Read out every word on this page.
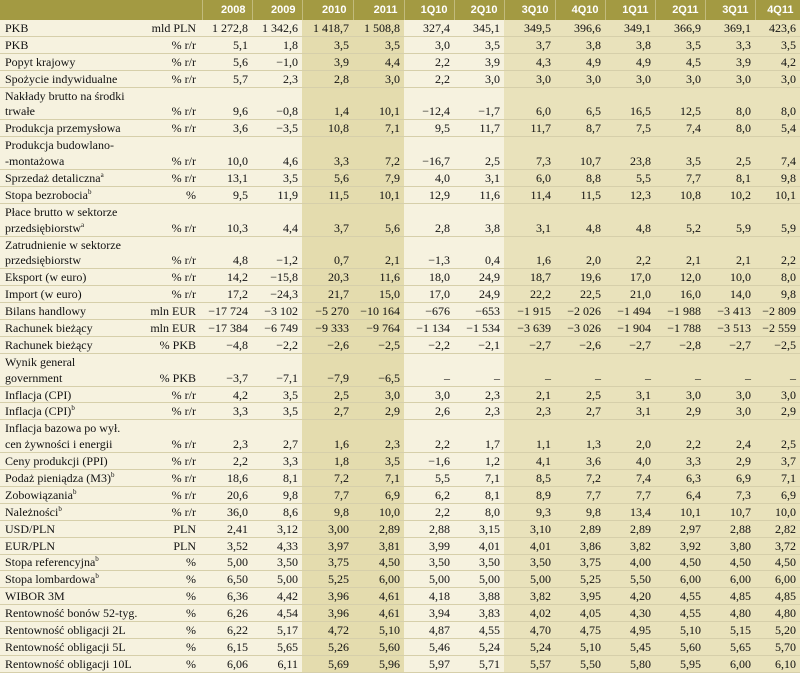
		2008	2009	2010	2011	1Q10	2Q10	3Q10	4Q10	1Q11	2Q11	3Q11	4Q11
PKB	mld PLN	1 272,8	1 342,6	1 418,7	1 508,8	327,4	345,1	349,5	396,6	349,1	366,9	369,1	423,6
PKB	% r/r	5,1	1,8	3,5	3,5	3,0	3,5	3,7	3,8	3,8	3,5	3,3	3,5
Popyt krajowy	% r/r	5,6	−1,0	3,9	4,4	2,2	3,9	4,3	4,9	4,9	4,5	3,9	4,2
Spożycie indywidualne	% r/r	5,7	2,3	2,8	3,0	2,2	3,0	3,0	3,0	3,0	3,0	3,0	3,0
Nakłady brutto na środki													
trwałe	% r/r	9,6	−0,8	1,4	10,1	−12,4	−1,7	6,0	6,5	16,5	12,5	8,0	8,0
Produkcja przemysłowa	% r/r	3,6	−3,5	10,8	7,1	9,5	11,7	11,7	8,7	7,5	7,4	8,0	5,4
Produkcja budowlano-													
-montażowa	% r/r	10,0	4,6	3,3	7,2	−16,7	2,5	7,3	10,7	23,8	3,5	2,5	7,4
Sprzedaż detaliczna$^a$	% r/r	13,1	3,5	5,6	7,9	4,0	3,1	6,0	8,8	5,5	7,7	8,1	9,8
Stopa bezrobocia$^b$	%	9,5	11,9	11,5	10,1	12,9	11,6	11,4	11,5	12,3	10,8	10,2	10,1
Płace brutto w sektorze													
przedsiębiorstw$^a$	% r/r	10,3	4,4	3,7	5,6	2,8	3,8	3,1	4,8	4,8	5,2	5,9	5,9
Zatrudnienie w sektorze													
przedsiębiorstw	% r/r	4,8	−1,2	0,7	2,1	−1,3	0,4	1,6	2,0	2,2	2,1	2,1	2,2
Eksport (w euro)	% r/r	14,2	−15,8	20,3	11,6	18,0	24,9	18,7	19,6	17,0	12,0	10,0	8,0
Import (w euro)	% r/r	17,2	−24,3	21,7	15,0	17,0	24,9	22,2	22,5	21,0	16,0	14,0	9,8
Bilans handlowy	mln EUR	−17 724	−3 102	−5 270	−10 164	−676	−653	−1 915	−2 026	−1 494	−1 988	−3 413	−2 809
Rachunek bieżący	mln EUR	−17 384	−6 749	−9 333	−9 764	−1 134	−1 534	−3 639	−3 026	−1 904	−1 788	−3 513	−2 559
Rachunek bieżący	% PKB	−4,8	−2,2	−2,6	−2,5	−2,2	−2,1	−2,7	−2,6	−2,7	−2,8	−2,7	−2,5
Wynik general													
government	% PKB	−3,7	−7,1	−7,9	−6,5	–	–	–	–	–	–	–	–
Inflacja (CPI)	% r/r	4,2	3,5	2,5	3,0	3,0	2,3	2,1	2,5	3,1	3,0	3,0	3,0
Inflacja (CPI)$^b$	% r/r	3,3	3,5	2,7	2,9	2,6	2,3	2,3	2,7	3,1	2,9	3,0	2,9
Inflacja bazowa po wył.													
cen żywności i energii	% r/r	2,3	2,7	1,6	2,3	2,2	1,7	1,1	1,3	2,0	2,2	2,4	2,5
Ceny produkcji (PPI)	% r/r	2,2	3,3	1,8	3,5	−1,6	1,2	4,1	3,6	4,0	3,3	2,9	3,7
Podaż pieniądza $(M3)^b$	% r/r	18,6	8,1	7,2	7,1	5,5	7,1	8,5	7,2	7,4	6,3	6,9	7,1
Zobowiązania$^b$	% r/r	20,6	9,8	7,7	6,9	6,2	8,1	8,9	7,7	7,7	6,4	7,3	6,9
Należności$^b$	% r/r	36,0	8,6	9,8	10,0	2,2	8,0	9,3	9,8	13,4	10,1	10,7	10,0
USD/PLN	PLN	2,41	3,12	3,00	2,89	2,88	3,15	3,10	2,89	2,89	2,97	2,88	2,82
EUR/PLN	PLN	3,52	4,33	3,97	3,81	3,99	4,01	4,01	3,86	3,82	3,92	3,80	3,72
Stopa referencyjna$^b$	%	5,00	3,50	3,75	4,50	3,50	3,50	3,50	3,75	4,00	4,50	4,50	4,50
Stopa lombardowa$^b$	%	6,50	5,00	5,25	6,00	5,00	5,00	5,00	5,25	5,50	6,00	6,00	6,00
WIBOR 3M	%	6,36	4,42	3,96	4,61	4,18	3,88	3,82	3,95	4,20	4,55	4,85	4,85
Rentowność bonów 52-tyg.	%	6,26	4,54	3,96	4,61	3,94	3,83	4,02	4,05	4,30	4,55	4,80	4,80
Rentowność obligacji 2L	%	6,22	5,17	4,72	5,10	4,87	4,55	4,70	4,75	4,95	5,10	5,15	5,20
Rentowność obligacji 5L	%	6,15	5,65	5,26	5,60	5,46	5,24	5,24	5,10	5,45	5,60	5,65	5,70
Rentowność obligacji 10L	%	6,06	6,11	5,69	5,96	5,97	5,71	5,57	5,50	5,80	5,95	6,00	6,10
